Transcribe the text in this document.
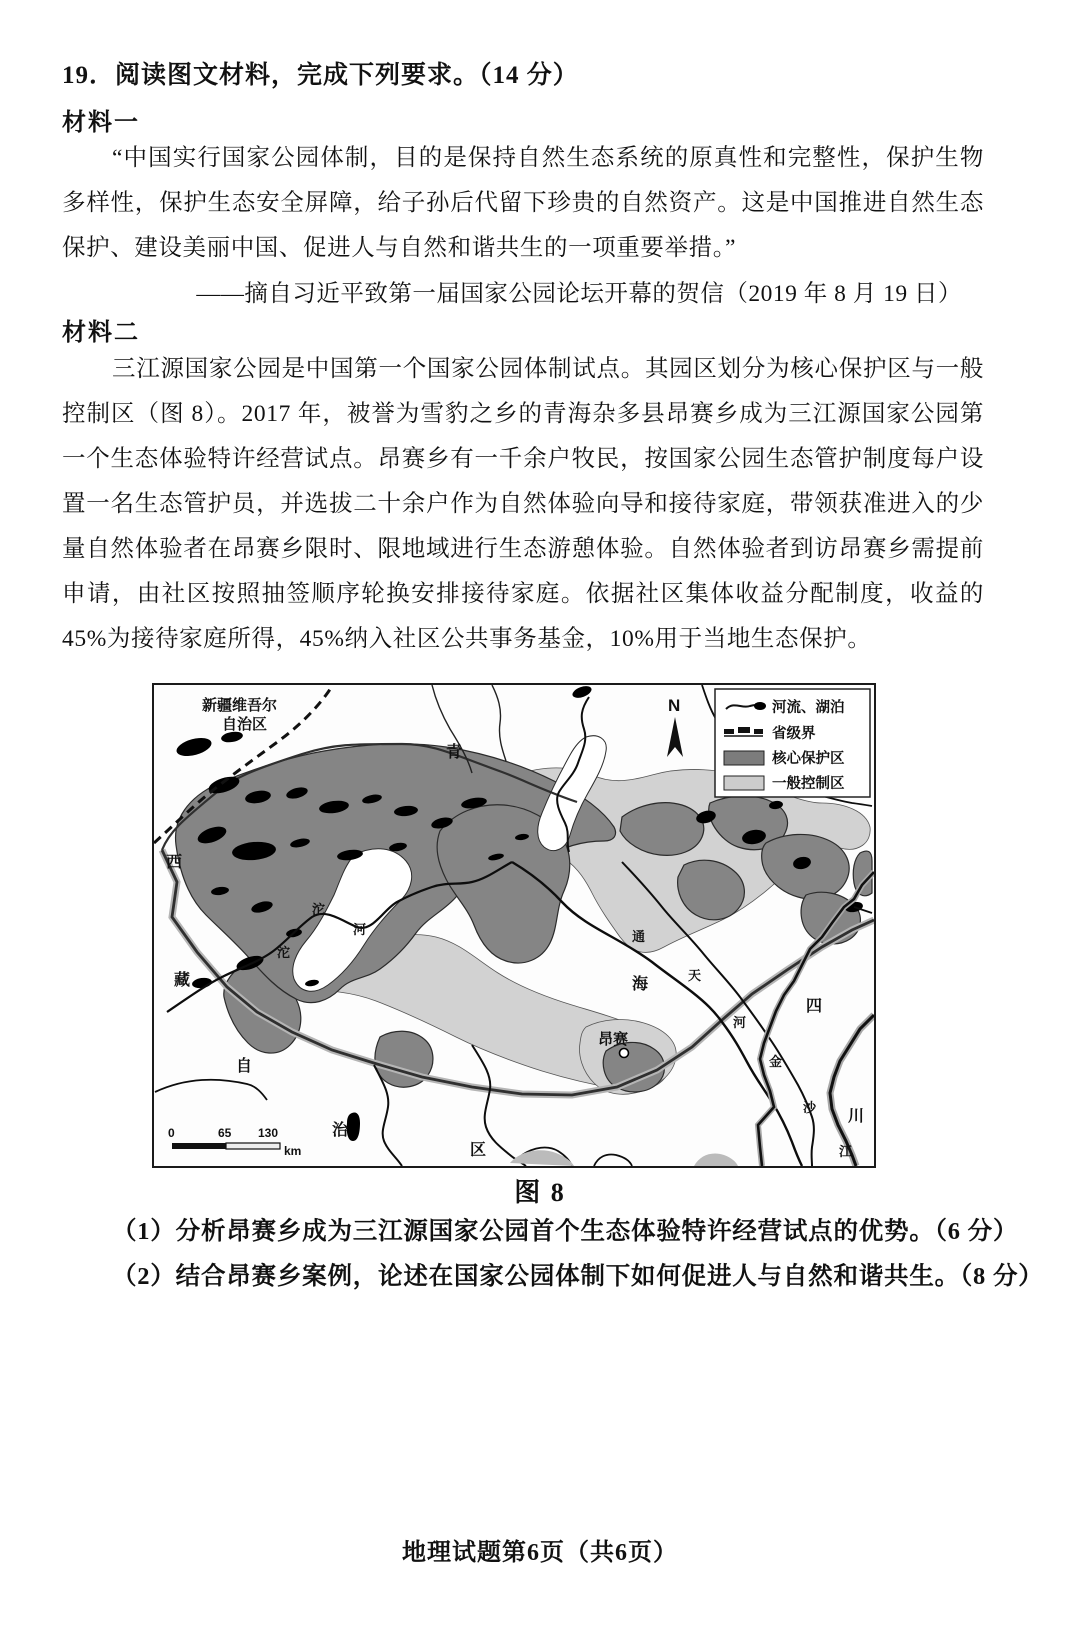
19．阅读图文材料，完成下列要求。（14 分）
材料一
“中国实行国家公园体制，目的是保持自然生态系统的原真性和完整性，保护生物多样性，保护生态安全屏障，给子孙后代留下珍贵的自然资产。这是中国推进自然生态保护、建设美丽中国、促进人与自然和谐共生的一项重要举措。”
——摘自习近平致第一届国家公园论坛开幕的贺信（2019 年 8 月 19 日）
材料二
三江源国家公园是中国第一个国家公园体制试点。其园区划分为核心保护区与一般控制区（图 8）。2017 年，被誉为雪豹之乡的青海杂多县昂赛乡成为三江源国家公园第一个生态体验特许经营试点。昂赛乡有一千余户牧民，按国家公园生态管护制度每户设置一名生态管护员，并选拔二十余户作为自然体验向导和接待家庭，带领获准进入的少量自然体验者在昂赛乡限时、限地域进行生态游憩体验。自然体验者到访昂赛乡需提前申请，由社区按照抽签顺序轮换安排接待家庭。依据社区集体收益分配制度，收益的45%为接待家庭所得，45%纳入社区公共事务基金，10%用于当地生态保护。
N	河流、湖泊
省级界
核心保护区
一般控制区
0	65 130
km
新疆维吾尔
自治区
青
海
西
藏
自
治
区
四
川
通
天
河
沱
河
沱
金
沙
江
昂赛
图 8
（1）分析昂赛乡成为三江源国家公园首个生态体验特许经营试点的优势。（6 分）
（2）结合昂赛乡案例，论述在国家公园体制下如何促进人与自然和谐共生。（8 分）
地理试题第6页（共6页）
